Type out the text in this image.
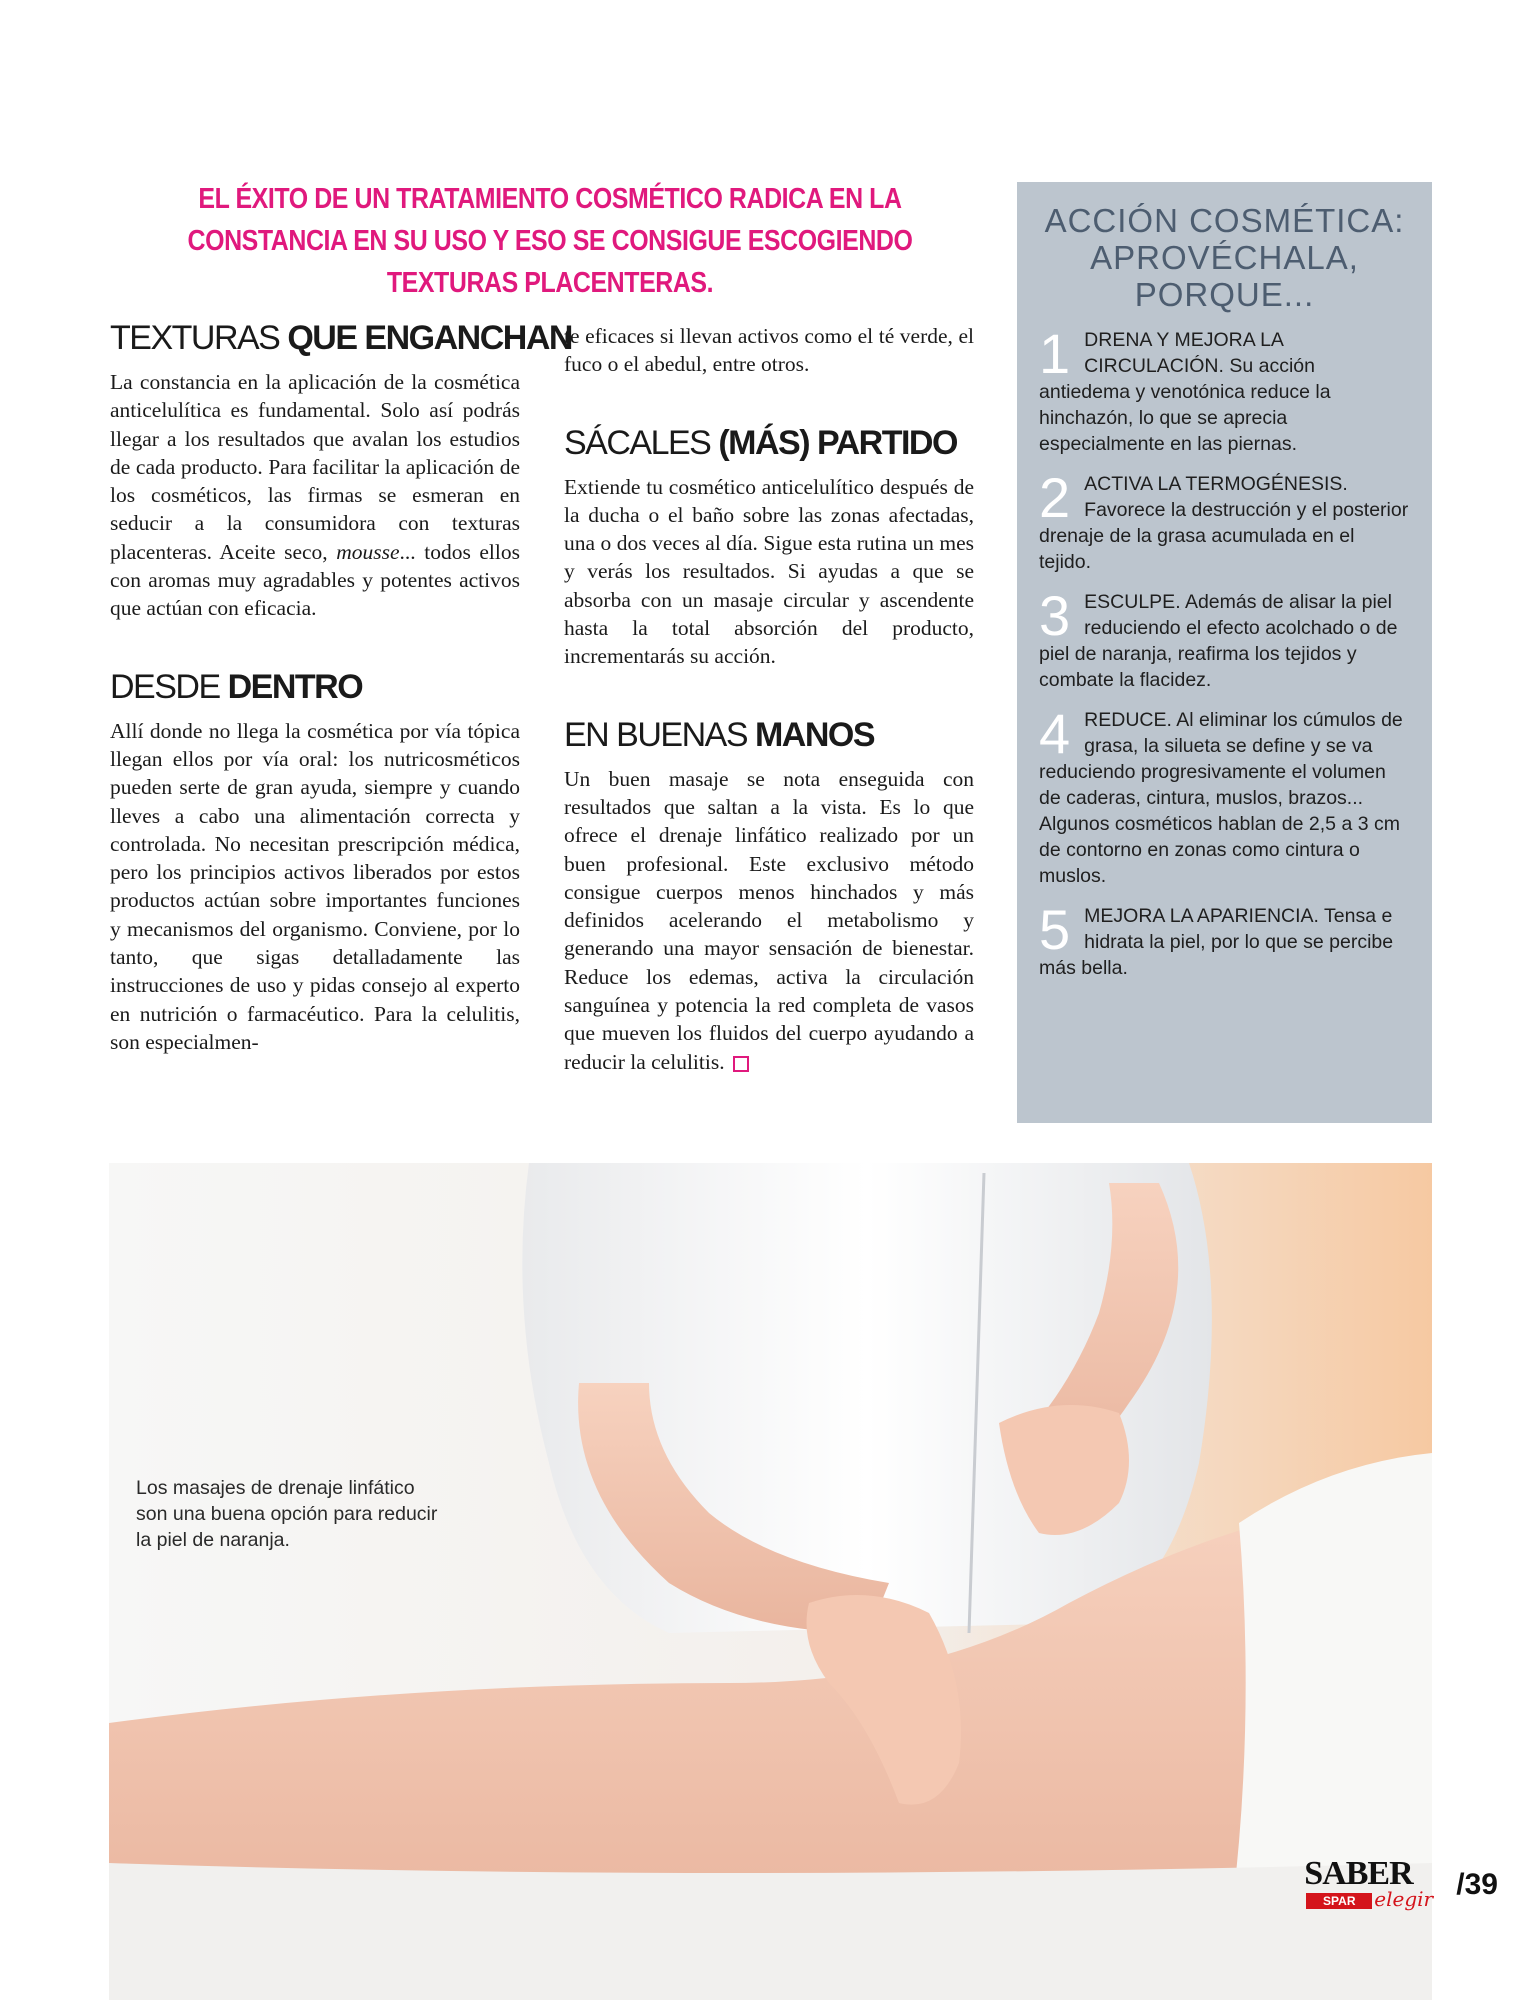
EL ÉXITO DE UN TRATAMIENTO COSMÉTICO RADICA EN LA CONSTANCIA EN SU USO Y ESO SE CONSIGUE ESCOGIENDO TEXTURAS PLACENTERAS.
TEXTURAS QUE ENGANCHAN

La constancia en la aplicación de la cosmética anticelulítica es fundamental. Solo así podrás llegar a los resultados que avalan los estudios de cada producto. Para facilitar la aplicación de los cosméticos, las firmas se esmeran en seducir a la consumidora con texturas placenteras. Aceite seco, mousse... todos ellos con aromas muy agradables y potentes activos que actúan con eficacia.

DESDE DENTRO

Allí donde no llega la cosmética por vía tópica llegan ellos por vía oral: los nutricosméticos pueden serte de gran ayuda, siempre y cuando lleves a cabo una alimentación correcta y controlada. No necesitan prescripción médica, pero los principios activos liberados por estos productos actúan sobre importantes funciones y mecanismos del organismo. Conviene, por lo tanto, que sigas detalladamente las instrucciones de uso y pidas consejo al experto en nutrición o farmacéutico. Para la celulitis, son especialmen-

te eficaces si llevan activos como el té verde, el fuco o el abedul, entre otros.

SÁCALES (MÁS) PARTIDO

Extiende tu cosmético anticelulítico después de la ducha o el baño sobre las zonas afectadas, una o dos veces al día. Sigue esta rutina un mes y verás los resultados. Si ayudas a que se absorba con un masaje circular y ascendente hasta la total absorción del producto, incrementarás su acción.

EN BUENAS MANOS

Un buen masaje se nota enseguida con resultados que saltan a la vista. Es lo que ofrece el drenaje linfático realizado por un buen profesional. Este exclusivo método consigue cuerpos menos hinchados y más definidos acelerando el metabolismo y generando una mayor sensación de bienestar. Reduce los edemas, activa la circulación sanguínea y potencia la red completa de vasos que mueven los fluidos del cuerpo ayudando a reducir la celulitis.

ACCIÓN COSMÉTICA: APROVÉCHALA, PORQUE...
1 DRENA Y MEJORA LA CIRCULACIÓN. Su acción antiedema y venotónica reduce la hinchazón, lo que se aprecia especialmente en las piernas.
2 ACTIVA LA TERMOGÉNESIS. Favorece la destrucción y el posterior drenaje de la grasa acumulada en el tejido.
3 ESCULPE. Además de alisar la piel reduciendo el efecto acolchado o de piel de naranja, reafirma los tejidos y combate la flacidez.
4 REDUCE. Al eliminar los cúmulos de grasa, la silueta se define y se va reduciendo progresivamente el volumen de caderas, cintura, muslos, brazos... Algunos cosméticos hablan de 2,5 a 3 cm de contorno en zonas como cintura o muslos.
5 MEJORA LA APARIENCIA. Tensa e hidrata la piel, por lo que se percibe más bella.
Los masajes de drenaje linfático son una buena opción para reducir la piel de naranja.
SABER
SPAR elegir /39
